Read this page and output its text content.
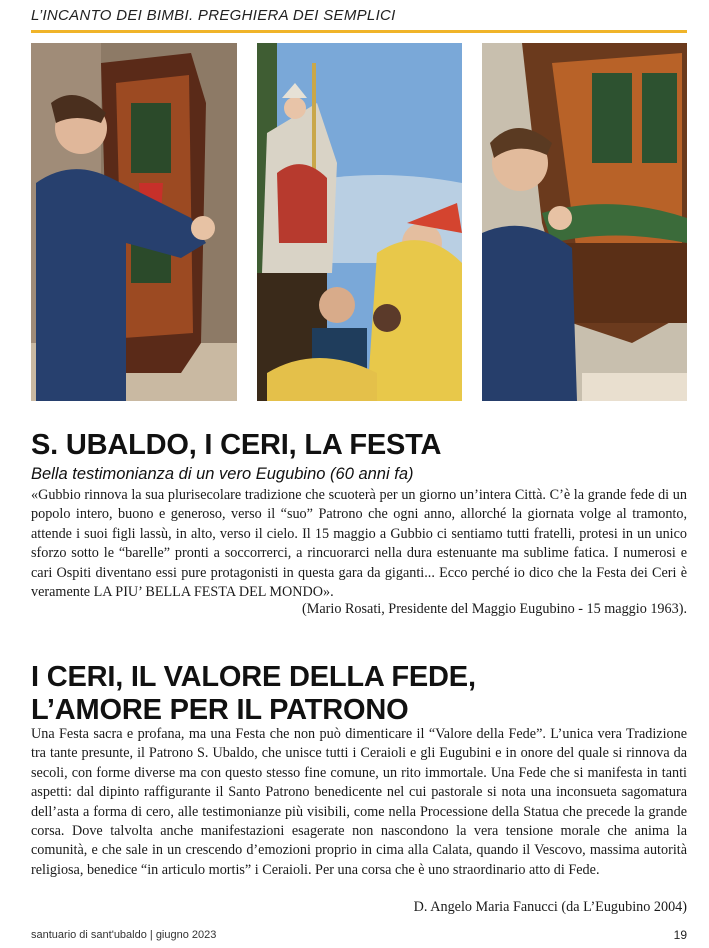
L’INCANTO DEI BIMBI. PREGHIERA DEI SEMPLICI
S. UBALDO, I CERI, LA FESTA
Bella testimonianza di un vero Eugubino (60 anni fa)

«Gubbio rinnova la sua plurisecolare tradizione che scuoterà per un giorno un’intera Città. C’è la grande fede di un popolo intero, buono e generoso, verso il “suo” Patrono che ogni anno, allorché la giornata volge al tramonto, attende i suoi figli lassù, in alto, verso il cielo. Il 15 maggio a Gubbio ci sentiamo tutti fratelli, protesi in un unico sforzo sotto le “barelle” pronti a soccorrerci, a rincuorarci nella dura estenuante ma sublime fatica. I numerosi e cari Ospiti diventano essi pure protagonisti in questa gara da giganti... Ecco perché io dico che la Festa dei Ceri è veramente LA PIU’ BELLA FESTA DEL MONDO».

(Mario Rosati, Presidente del Maggio Eugubino - 15 maggio 1963).
I CERI, IL VALORE DELLA FEDE,
L’AMORE PER IL PATRONO

Una Festa sacra e profana, ma una Festa che non può dimenticare il “Valore della Fede”. L’unica vera Tradizione tra tante presunte, il Patrono S. Ubaldo, che unisce tutti i Ceraioli e gli Eugubini e in onore del quale si rinnova da secoli, con forme diverse ma con questo stesso fine comune, un rito immortale. Una Fede che si manifesta in tanti aspetti: dal dipinto raffigurante il Santo Patrono benedicente nel cui pastorale si nota una inconsueta sagomatura dell’asta a forma di cero, alle testimonianze più visibili, come nella Processione della Statua che precede la grande corsa. Dove talvolta anche manifestazioni esagerate non nascondono la vera tensione morale che anima la comunità, e che sale in un crescendo d’emozioni proprio in cima alla Calata, quando il Vescovo, massima autorità religiosa, benedice “in articulo mortis” i Ceraioli. Per una corsa che è uno straordinario atto di Fede.

D. Angelo Maria Fanucci (da L’Eugubino 2004)
santuario di sant'ubaldo | giugno 2023	19
